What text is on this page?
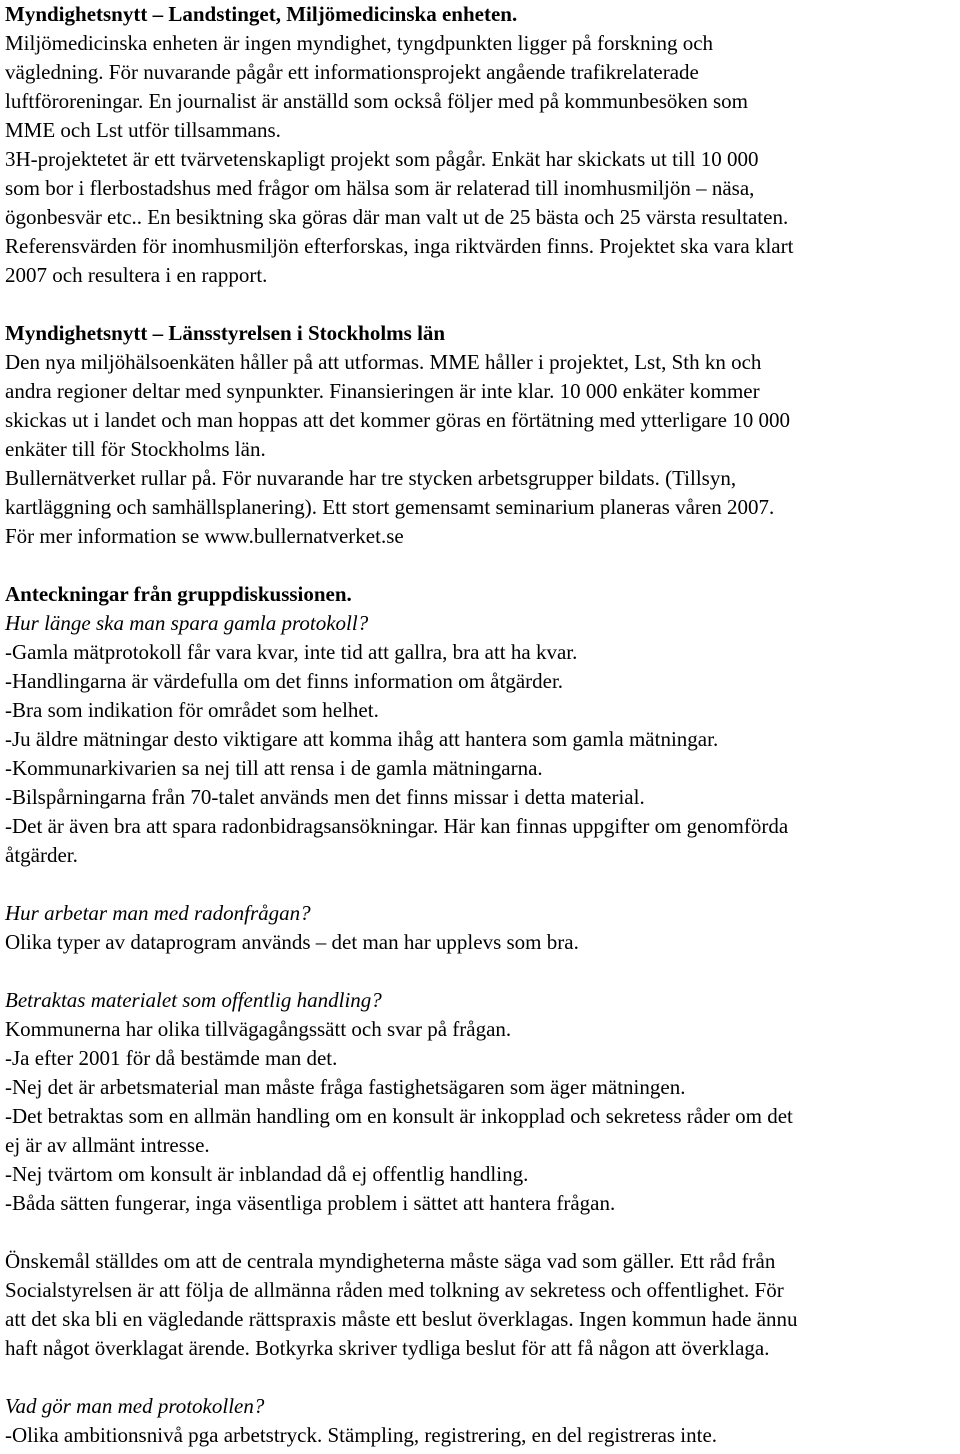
Myndighetsnytt – Landstinget, Miljömedicinska enheten.
Miljömedicinska enheten är ingen myndighet, tyngdpunkten ligger på forskning och
vägledning. För nuvarande pågår ett informationsprojekt angående trafikrelaterade
luftföroreningar. En journalist är anställd som också följer med på kommunbesöken som
MME och Lst utför tillsammans.
3H-projektetet är ett tvärvetenskapligt projekt som pågår. Enkät har skickats ut till 10 000
som bor i flerbostadshus med frågor om hälsa som är relaterad till inomhusmiljön – näsa,
ögonbesvär etc.. En besiktning ska göras där man valt ut de 25 bästa och 25 värsta resultaten.
Referensvärden för inomhusmiljön efterforskas, inga riktvärden finns. Projektet ska vara klart
2007 och resultera i en rapport.
Myndighetsnytt – Länsstyrelsen i Stockholms län
Den nya miljöhälsoenkäten håller på att utformas. MME håller i projektet, Lst, Sth kn och
andra regioner deltar med synpunkter. Finansieringen är inte klar. 10 000 enkäter kommer
skickas ut i landet och man hoppas att det kommer göras en förtätning med ytterligare 10 000
enkäter till för Stockholms län.
Bullernätverket rullar på. För nuvarande har tre stycken arbetsgrupper bildats. (Tillsyn,
kartläggning och samhällsplanering). Ett stort gemensamt seminarium planeras våren 2007.
För mer information se www.bullernatverket.se
Anteckningar från gruppdiskussionen.
Hur länge ska man spara gamla protokoll?
-Gamla mätprotokoll får vara kvar, inte tid att gallra, bra att ha kvar.
-Handlingarna är värdefulla om det finns information om åtgärder.
-Bra som indikation för området som helhet.
-Ju äldre mätningar desto viktigare att komma ihåg att hantera som gamla mätningar.
-Kommunarkivarien sa nej till att rensa i de gamla mätningarna.
-Bilspårningarna från 70-talet används men det finns missar i detta material.
-Det är även bra att spara radonbidragsansökningar. Här kan finnas uppgifter om genomförda
åtgärder.
Hur arbetar man med radonfrågan?
Olika typer av dataprogram används – det man har upplevs som bra.
Betraktas materialet som offentlig handling?
Kommunerna har olika tillvägagångssätt och svar på frågan.
-Ja efter 2001 för då bestämde man det.
-Nej det är arbetsmaterial man måste fråga fastighetsägaren som äger mätningen.
-Det betraktas som en allmän handling om en konsult är inkopplad och sekretess råder om det
ej är av allmänt intresse.
-Nej tvärtom om konsult är inblandad då ej offentlig handling.
-Båda sätten fungerar, inga väsentliga problem i sättet att hantera frågan.
Önskemål ställdes om att de centrala myndigheterna måste säga vad som gäller. Ett råd från
Socialstyrelsen är att följa de allmänna råden med tolkning av sekretess och offentlighet. För
att det ska bli en vägledande rättspraxis måste ett beslut överklagas. Ingen kommun hade ännu
haft något överklagat ärende. Botkyrka skriver tydliga beslut för att få någon att överklaga.
Vad gör man med protokollen?
-Olika ambitionsnivå pga arbetstryck. Stämpling, registrering, en del registreras inte.
